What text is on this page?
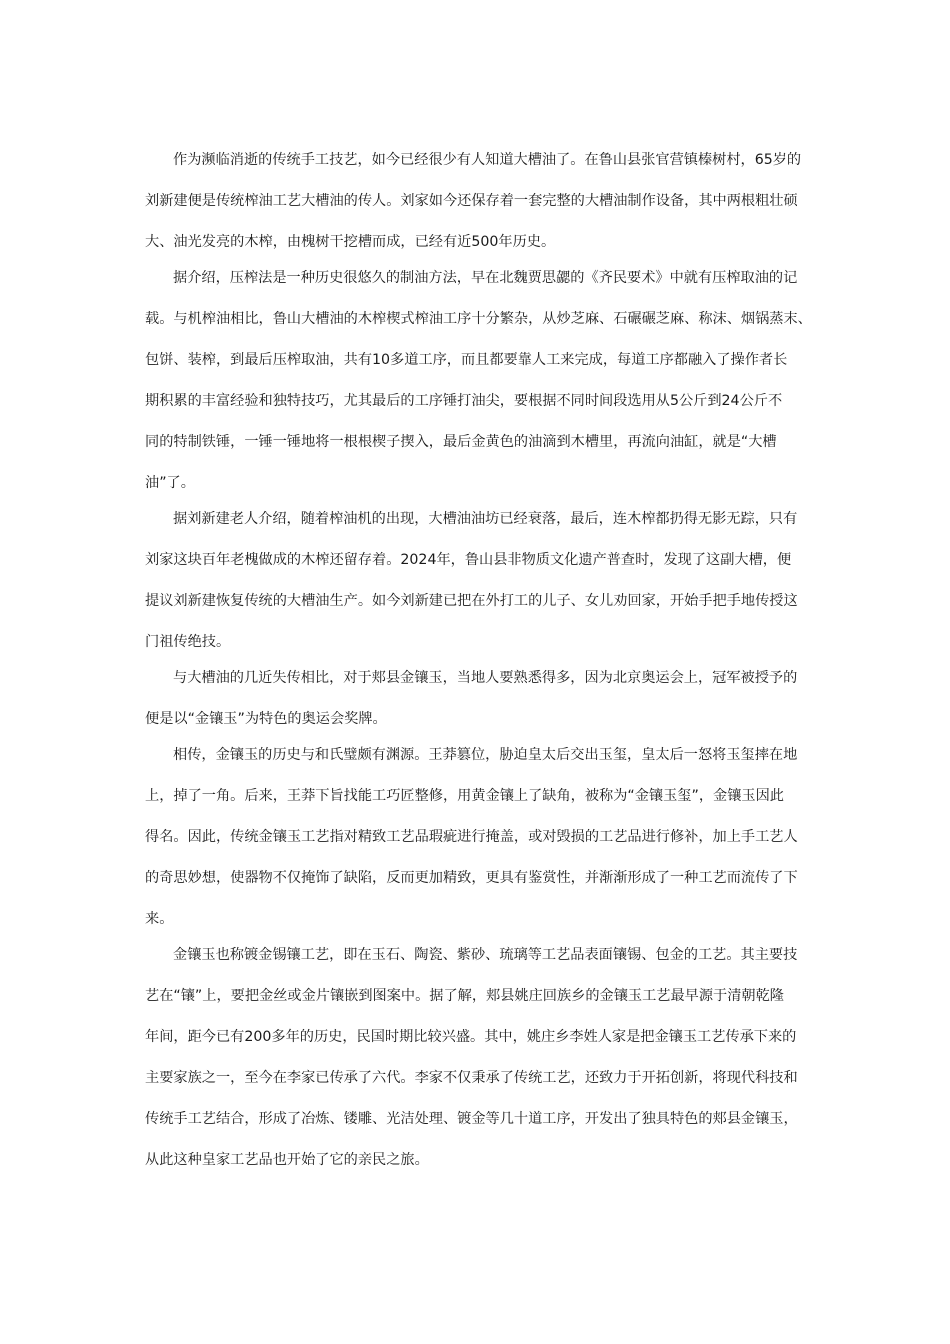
作为濒临消逝的传统手工技艺，如今已经很少有人知道大槽油了。在鲁山县张官营镇榛树村，65岁的
刘新建便是传统榨油工艺大槽油的传人。刘家如今还保存着一套完整的大槽油制作设备，其中两根粗壮硕
大、油光发亮的木榨，由槐树干挖槽而成，已经有近500年历史。
据介绍，压榨法是一种历史很悠久的制油方法，早在北魏贾思勰的《齐民要术》中就有压榨取油的记
载。与机榨油相比，鲁山大槽油的木榨楔式榨油工序十分繁杂，从炒芝麻、石碾碾芝麻、称沫、烟锅蒸末、
包饼、装榨，到最后压榨取油，共有10多道工序，而且都要靠人工来完成，每道工序都融入了操作者长
期积累的丰富经验和独特技巧，尤其最后的工序锤打油尖，要根据不同时间段选用从5公斤到24公斤不
同的特制铁锤，一锤一锤地将一根根楔子揳入，最后金黄色的油滴到木槽里，再流向油缸，就是“大槽
油”了。
据刘新建老人介绍，随着榨油机的出现，大槽油油坊已经衰落，最后，连木榨都扔得无影无踪，只有
刘家这块百年老槐做成的木榨还留存着。2024年，鲁山县非物质文化遗产普查时，发现了这副大槽，便
提议刘新建恢复传统的大槽油生产。如今刘新建已把在外打工的儿子、女儿劝回家，开始手把手地传授这
门祖传绝技。
与大槽油的几近失传相比，对于郏县金镶玉，当地人要熟悉得多，因为北京奥运会上，冠军被授予的
便是以“金镶玉”为特色的奥运会奖牌。
相传，金镶玉的历史与和氏璧颇有渊源。王莽篡位，胁迫皇太后交出玉玺，皇太后一怒将玉玺摔在地
上，掉了一角。后来，王莽下旨找能工巧匠整修，用黄金镶上了缺角，被称为“金镶玉玺”，金镶玉因此
得名。因此，传统金镶玉工艺指对精致工艺品瑕疵进行掩盖，或对毁损的工艺品进行修补，加上手工艺人
的奇思妙想，使器物不仅掩饰了缺陷，反而更加精致，更具有鉴赏性，并渐渐形成了一种工艺而流传了下
来。
金镶玉也称镀金锡镶工艺，即在玉石、陶瓷、紫砂、琉璃等工艺品表面镶锡、包金的工艺。其主要技
艺在“镶”上，要把金丝或金片镶嵌到图案中。据了解，郏县姚庄回族乡的金镶玉工艺最早源于清朝乾隆
年间，距今已有200多年的历史，民国时期比较兴盛。其中，姚庄乡李姓人家是把金镶玉工艺传承下来的
主要家族之一，至今在李家已传承了六代。李家不仅秉承了传统工艺，还致力于开拓创新，将现代科技和
传统手工艺结合，形成了冶炼、镂雕、光洁处理、镀金等几十道工序，开发出了独具特色的郏县金镶玉，
从此这种皇家工艺品也开始了它的亲民之旅。
